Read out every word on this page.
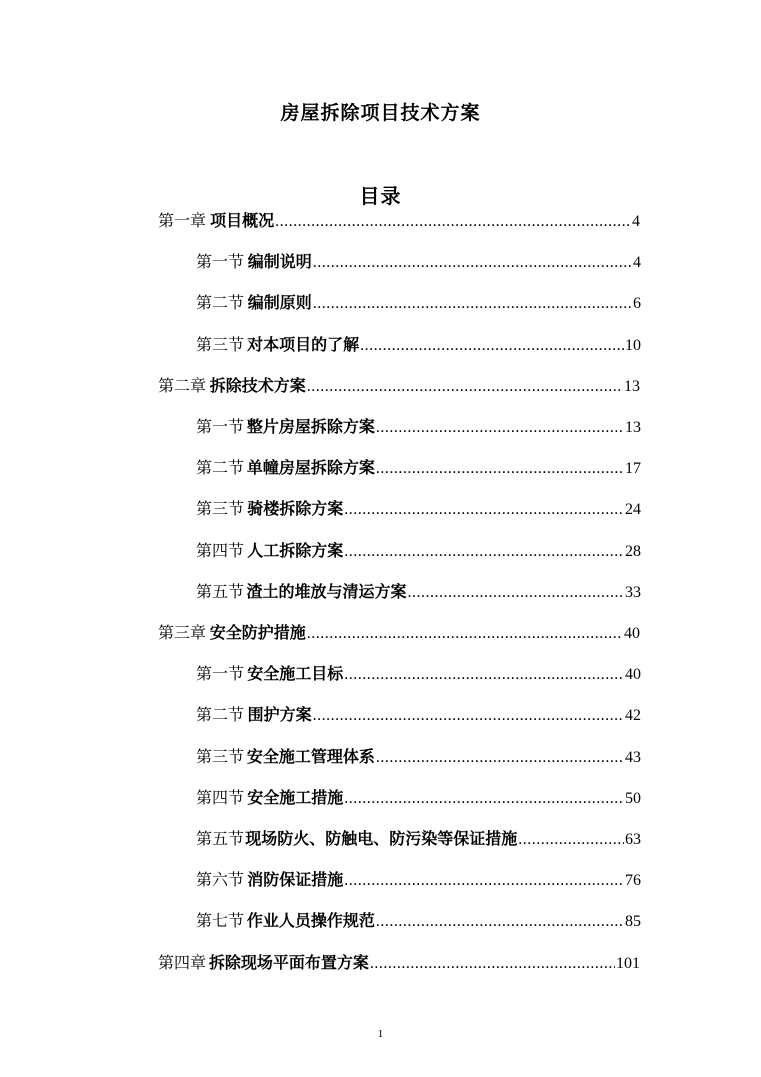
房屋拆除项目技术方案
目录
第一章 项目概况 .....	4
第一节 编制说明 .....	4
第二节 编制原则 .....	6
第三节 对本项目的了解 .....	10
第二章 拆除技术方案 .....	13
第一节 整片房屋拆除方案 .....	13
第二节 单幢房屋拆除方案 .....	17
第三节 骑楼拆除方案 .....	24
第四节 人工拆除方案 .....	28
第五节 渣土的堆放与清运方案 .....	33
第三章 安全防护措施 .....	40
第一节 安全施工目标 .....	40
第二节 围护方案 .....	42
第三节 安全施工管理体系 .....	43
第四节 安全施工措施 .....	50
第五节 现场防火、防触电、防污染等保证措施 .....	63
第六节 消防保证措施 .....	76
第七节 作业人员操作规范 .....	85
第四章 拆除现场平面布置方案 .....	101
1
